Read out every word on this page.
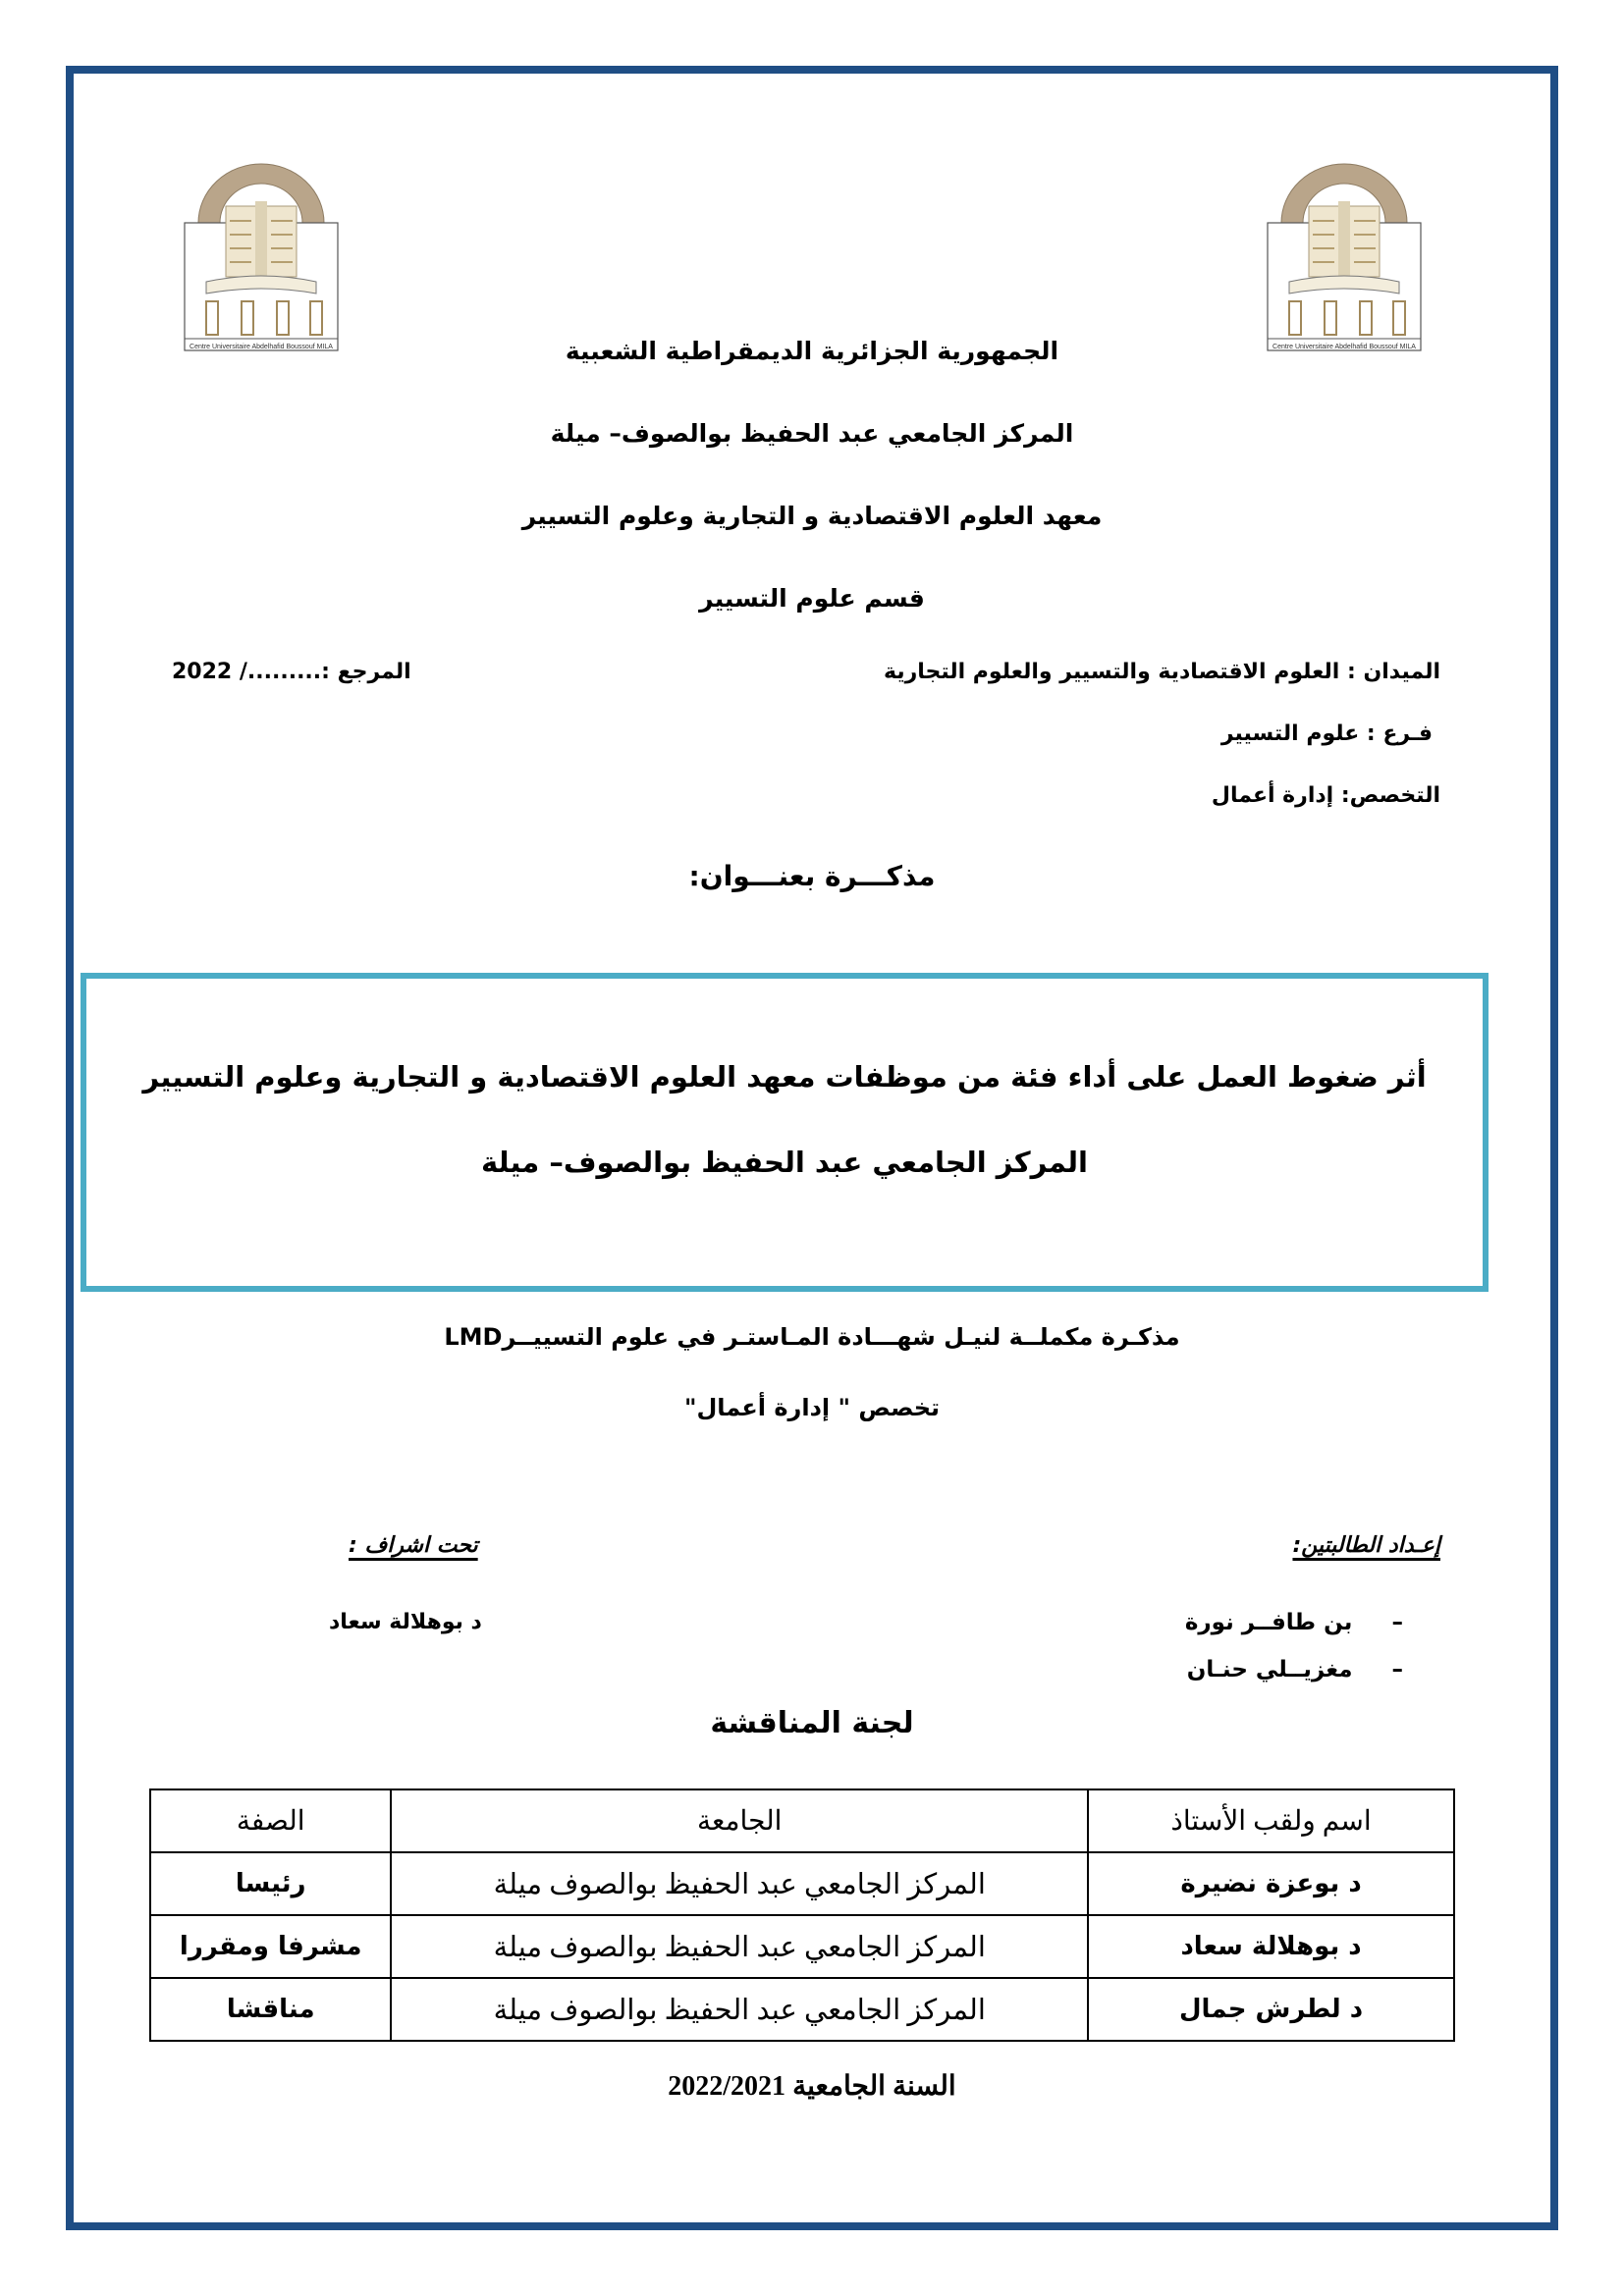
Centre Universitaire Abdelhafid Boussouf MILA	Centre Universitaire Abdelhafid Boussouf MILA
الجمهورية الجزائرية الديمقراطية الشعبية
المركز الجامعي عبد الحفيظ بوالصوف– ميلة
معهد العلوم الاقتصادية و التجارية وعلوم التسيير
قسم علوم التسيير
الميدان : العلوم الاقتصادية والتسيير والعلوم التجارية
المرجع :........./ 2022
فـرع : علوم التسيير
التخصص: إدارة أعمال
مذكـــرة بعنـــوان:
أثر ضغوط العمل على أداء فئة من موظفات معهد العلوم الاقتصادية و التجارية وعلوم التسيير
المركز الجامعي عبد الحفيظ بوالصوف– ميلة
مذكـرة مكملــة لنيـل شهـــادة المـاستـر في علوم التسييــرLMD
تخصص " إدارة أعمال"
إعـداد الطالبتين:
تحت اشراف :
–     بن طافــر نورة
–     مغزيــلي حنـان
د بوهلالة سعاد
لجنة المناقشة
اسم ولقب الأستاذ	الجامعة	الصفة
د بوعزة نضيرة	المركز الجامعي عبد الحفيظ بوالصوف ميلة	رئيسا
د بوهلالة سعاد	المركز الجامعي عبد الحفيظ بوالصوف ميلة	مشرفا ومقررا
د لطرش جمال	المركز الجامعي عبد الحفيظ بوالصوف ميلة	مناقشا
السنة الجامعية 2022/2021
